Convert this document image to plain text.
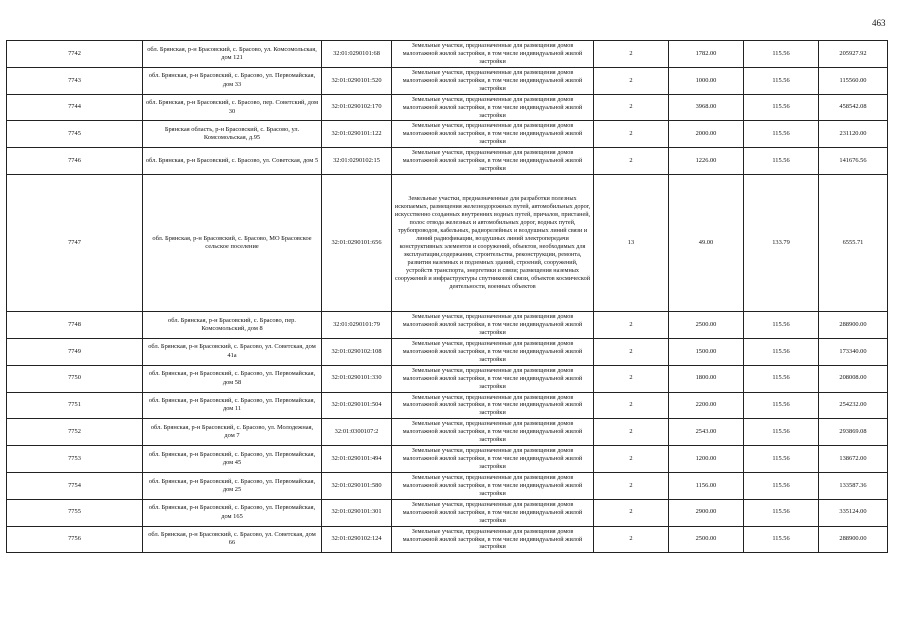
463
7742	обл. Брянская, р-н Брасовский, с. Брасово, ул. Комсомольская, дом 121	32:01:0290101:68	Земельные участки, предназначенные для размещения домов малоэтажной жилой застройки, в том числе индивидуальной жилой застройки	2	1782.00	115.56	205927.92
7743	обл. Брянская, р-н Брасовский, с. Брасово, ул. Первомайская, дом 33	32:01:0290101:520	Земельные участки, предназначенные для размещения домов малоэтажной жилой застройки, в том числе индивидуальной жилой застройки	2	1000.00	115.56	115560.00
7744	обл. Брянская, р-н Брасовский, с. Брасово, пер. Советский, дом 30	32:01:0290102:170	Земельные участки, предназначенные для размещения домов малоэтажной жилой застройки, в том числе индивидуальной жилой застройки	2	3968.00	115.56	458542.08
7745	Брянская область, р-н Брасовский, с. Брасово, ул. Комсомольская, д.95	32:01:0290101:122	Земельные участки, предназначенные для размещения домов малоэтажной жилой застройки, в том числе индивидуальной жилой застройки	2	2000.00	115.56	231120.00
7746	обл. Брянская, р-н Брасовский, с. Брасово, ул. Советская, дом 5	32:01:0290102:15	Земельные участки, предназначенные для размещения домов малоэтажной жилой застройки, в том числе индивидуальной жилой застройки	2	1226.00	115.56	141676.56
7747	обл. Брянская, р-н Брасовский, с. Брасово, МО Брасовское сельское поселение	32:01:0290101:656	Земельные участки, предназначенные для разработки полезных ископаемых, размещения железнодорожных путей, автомобильных дорог, искусственно созданных внутренних водных путей, причалов, пристаней, полос отвода железных и автомобильных дорог, водных путей, трубопроводов, кабельных, радиорелейных и воздушных линий связи и линий радиофикации, воздушных линий электропередачи конструктивных элементов и сооружений, объектов, необходимых для эксплуатации,содержания, строительства, реконструкции, ремонта, развития наземных и подземных зданий, строений, сооружений, устройств транспорта, энергетики и связи; размещения наземных сооружений и инфраструктуры спутниковой связи, объектов космической деятельности, военных объектов	13	49.00	133.79	6555.71
7748	обл. Брянская, р-н Брасовский, с. Брасово, пер. Комсомольский, дом 8	32:01:0290101:79	Земельные участки, предназначенные для размещения домов малоэтажной жилой застройки, в том числе индивидуальной жилой застройки	2	2500.00	115.56	288900.00
7749	обл. Брянская, р-н Брасовский, с. Брасово, ул. Советская, дом 41а	32:01:0290102:108	Земельные участки, предназначенные для размещения домов малоэтажной жилой застройки, в том числе индивидуальной жилой застройки	2	1500.00	115.56	173340.00
7750	обл. Брянская, р-н Брасовский, с. Брасово, ул. Первомайская, дом 58	32:01:0290101:330	Земельные участки, предназначенные для размещения домов малоэтажной жилой застройки, в том числе индивидуальной жилой застройки	2	1800.00	115.56	208008.00
7751	обл. Брянская, р-н Брасовский, с. Брасово, ул. Первомайская, дом 11	32:01:0290101:504	Земельные участки, предназначенные для размещения домов малоэтажной жилой застройки, в том числе индивидуальной жилой застройки	2	2200.00	115.56	254232.00
7752	обл. Брянская, р-н Брасовский, с. Брасово, ул. Молодежная, дом 7	32:01:0300107:2	Земельные участки, предназначенные для размещения домов малоэтажной жилой застройки, в том числе индивидуальной жилой застройки	2	2543.00	115.56	293869.08
7753	обл. Брянская, р-н Брасовский, с. Брасово, ул. Первомайская, дом 45	32:01:0290101:494	Земельные участки, предназначенные для размещения домов малоэтажной жилой застройки, в том числе индивидуальной жилой застройки	2	1200.00	115.56	138672.00
7754	обл. Брянская, р-н Брасовский, с. Брасово, ул. Первомайская, дом 25	32:01:0290101:580	Земельные участки, предназначенные для размещения домов малоэтажной жилой застройки, в том числе индивидуальной жилой застройки	2	1156.00	115.56	133587.36
7755	обл. Брянская, р-н Брасовский, с. Брасово, ул. Первомайская, дом 165	32:01:0290101:301	Земельные участки, предназначенные для размещения домов малоэтажной жилой застройки, в том числе индивидуальной жилой застройки	2	2900.00	115.56	335124.00
7756	обл. Брянская, р-н Брасовский, с. Брасово, ул. Советская, дом 66	32:01:0290102:124	Земельные участки, предназначенные для размещения домов малоэтажной жилой застройки, в том числе индивидуальной жилой застройки	2	2500.00	115.56	288900.00
